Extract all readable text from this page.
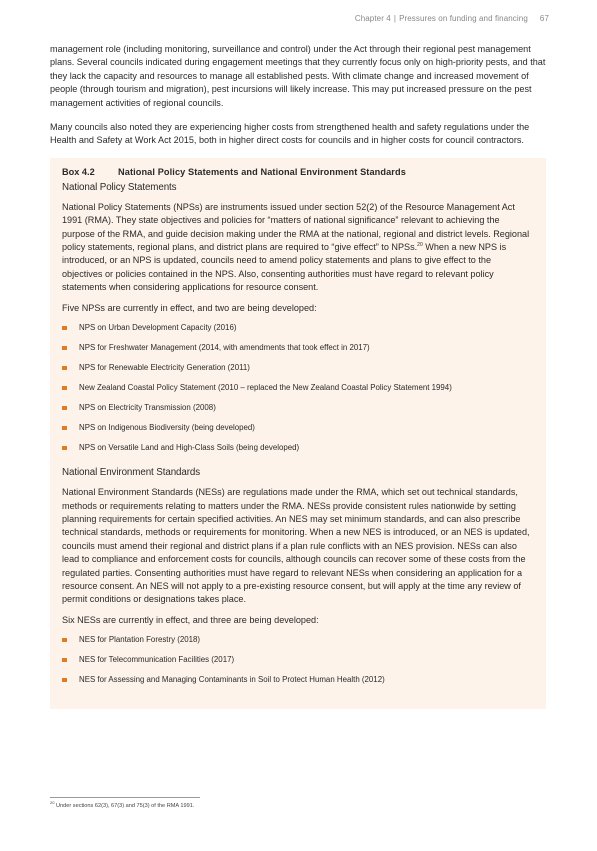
Chapter 4 | Pressures on funding and financing 67

management role (including monitoring, surveillance and control) under the Act through their regional pest management plans. Several councils indicated during engagement meetings that they currently focus only on high-priority pests, and that they lack the capacity and resources to manage all established pests. With climate change and increased movement of people (through tourism and migration), pest incursions will likely increase. This may put increased pressure on the pest management activities of regional councils.

Many councils also noted they are experiencing higher costs from strengthened health and safety regulations under the Health and Safety at Work Act 2015, both in higher direct costs for councils and in higher costs for council contractors.

Box 4.2	National Policy Statements and National Environment Standards
National Policy Statements

National Policy Statements (NPSs) are instruments issued under section 52(2) of the Resource Management Act 1991 (RMA). They state objectives and policies for “matters of national significance” relevant to achieving the purpose of the RMA, and guide decision making under the RMA at the national, regional and district levels. Regional policy statements, regional plans, and district plans are required to “give effect” to NPSs.$^{20}$ When a new NPS is introduced, or an NPS is updated, councils need to amend policy statements and plans to give effect to the objectives or policies contained in the NPS. Also, consenting authorities must have regard to relevant policy statements when considering applications for resource consent.

Five NPSs are currently in effect, and two are being developed:

NPS on Urban Development Capacity (2016)
NPS for Freshwater Management (2014, with amendments that took effect in 2017)
NPS for Renewable Electricity Generation (2011)
New Zealand Coastal Policy Statement (2010 – replaced the New Zealand Coastal Policy Statement 1994)
NPS on Electricity Transmission (2008)
NPS on Indigenous Biodiversity (being developed)
NPS on Versatile Land and High-Class Soils (being developed)
National Environment Standards

National Environment Standards (NESs) are regulations made under the RMA, which set out technical standards, methods or requirements relating to matters under the RMA. NESs provide consistent rules nationwide by setting planning requirements for certain specified activities. An NES may set minimum standards, and can also prescribe technical standards, methods or requirements for monitoring. When a new NES is introduced, or an NES is updated, councils must amend their regional and district plans if a plan rule conflicts with an NES provision. NESs can also lead to compliance and enforcement costs for councils, although councils can recover some of these costs from the regulated parties. Consenting authorities must have regard to relevant NESs when considering an application for a resource consent. An NES will not apply to a pre-existing resource consent, but will apply at the time any review of permit conditions or designations takes place.

Six NESs are currently in effect, and three are being developed:

NES for Plantation Forestry (2018)
NES for Telecommunication Facilities (2017)
NES for Assessing and Managing Contaminants in Soil to Protect Human Health (2012)
$^{20}$ Under sections 62(3), 67(3) and 75(3) of the RMA 1991.
